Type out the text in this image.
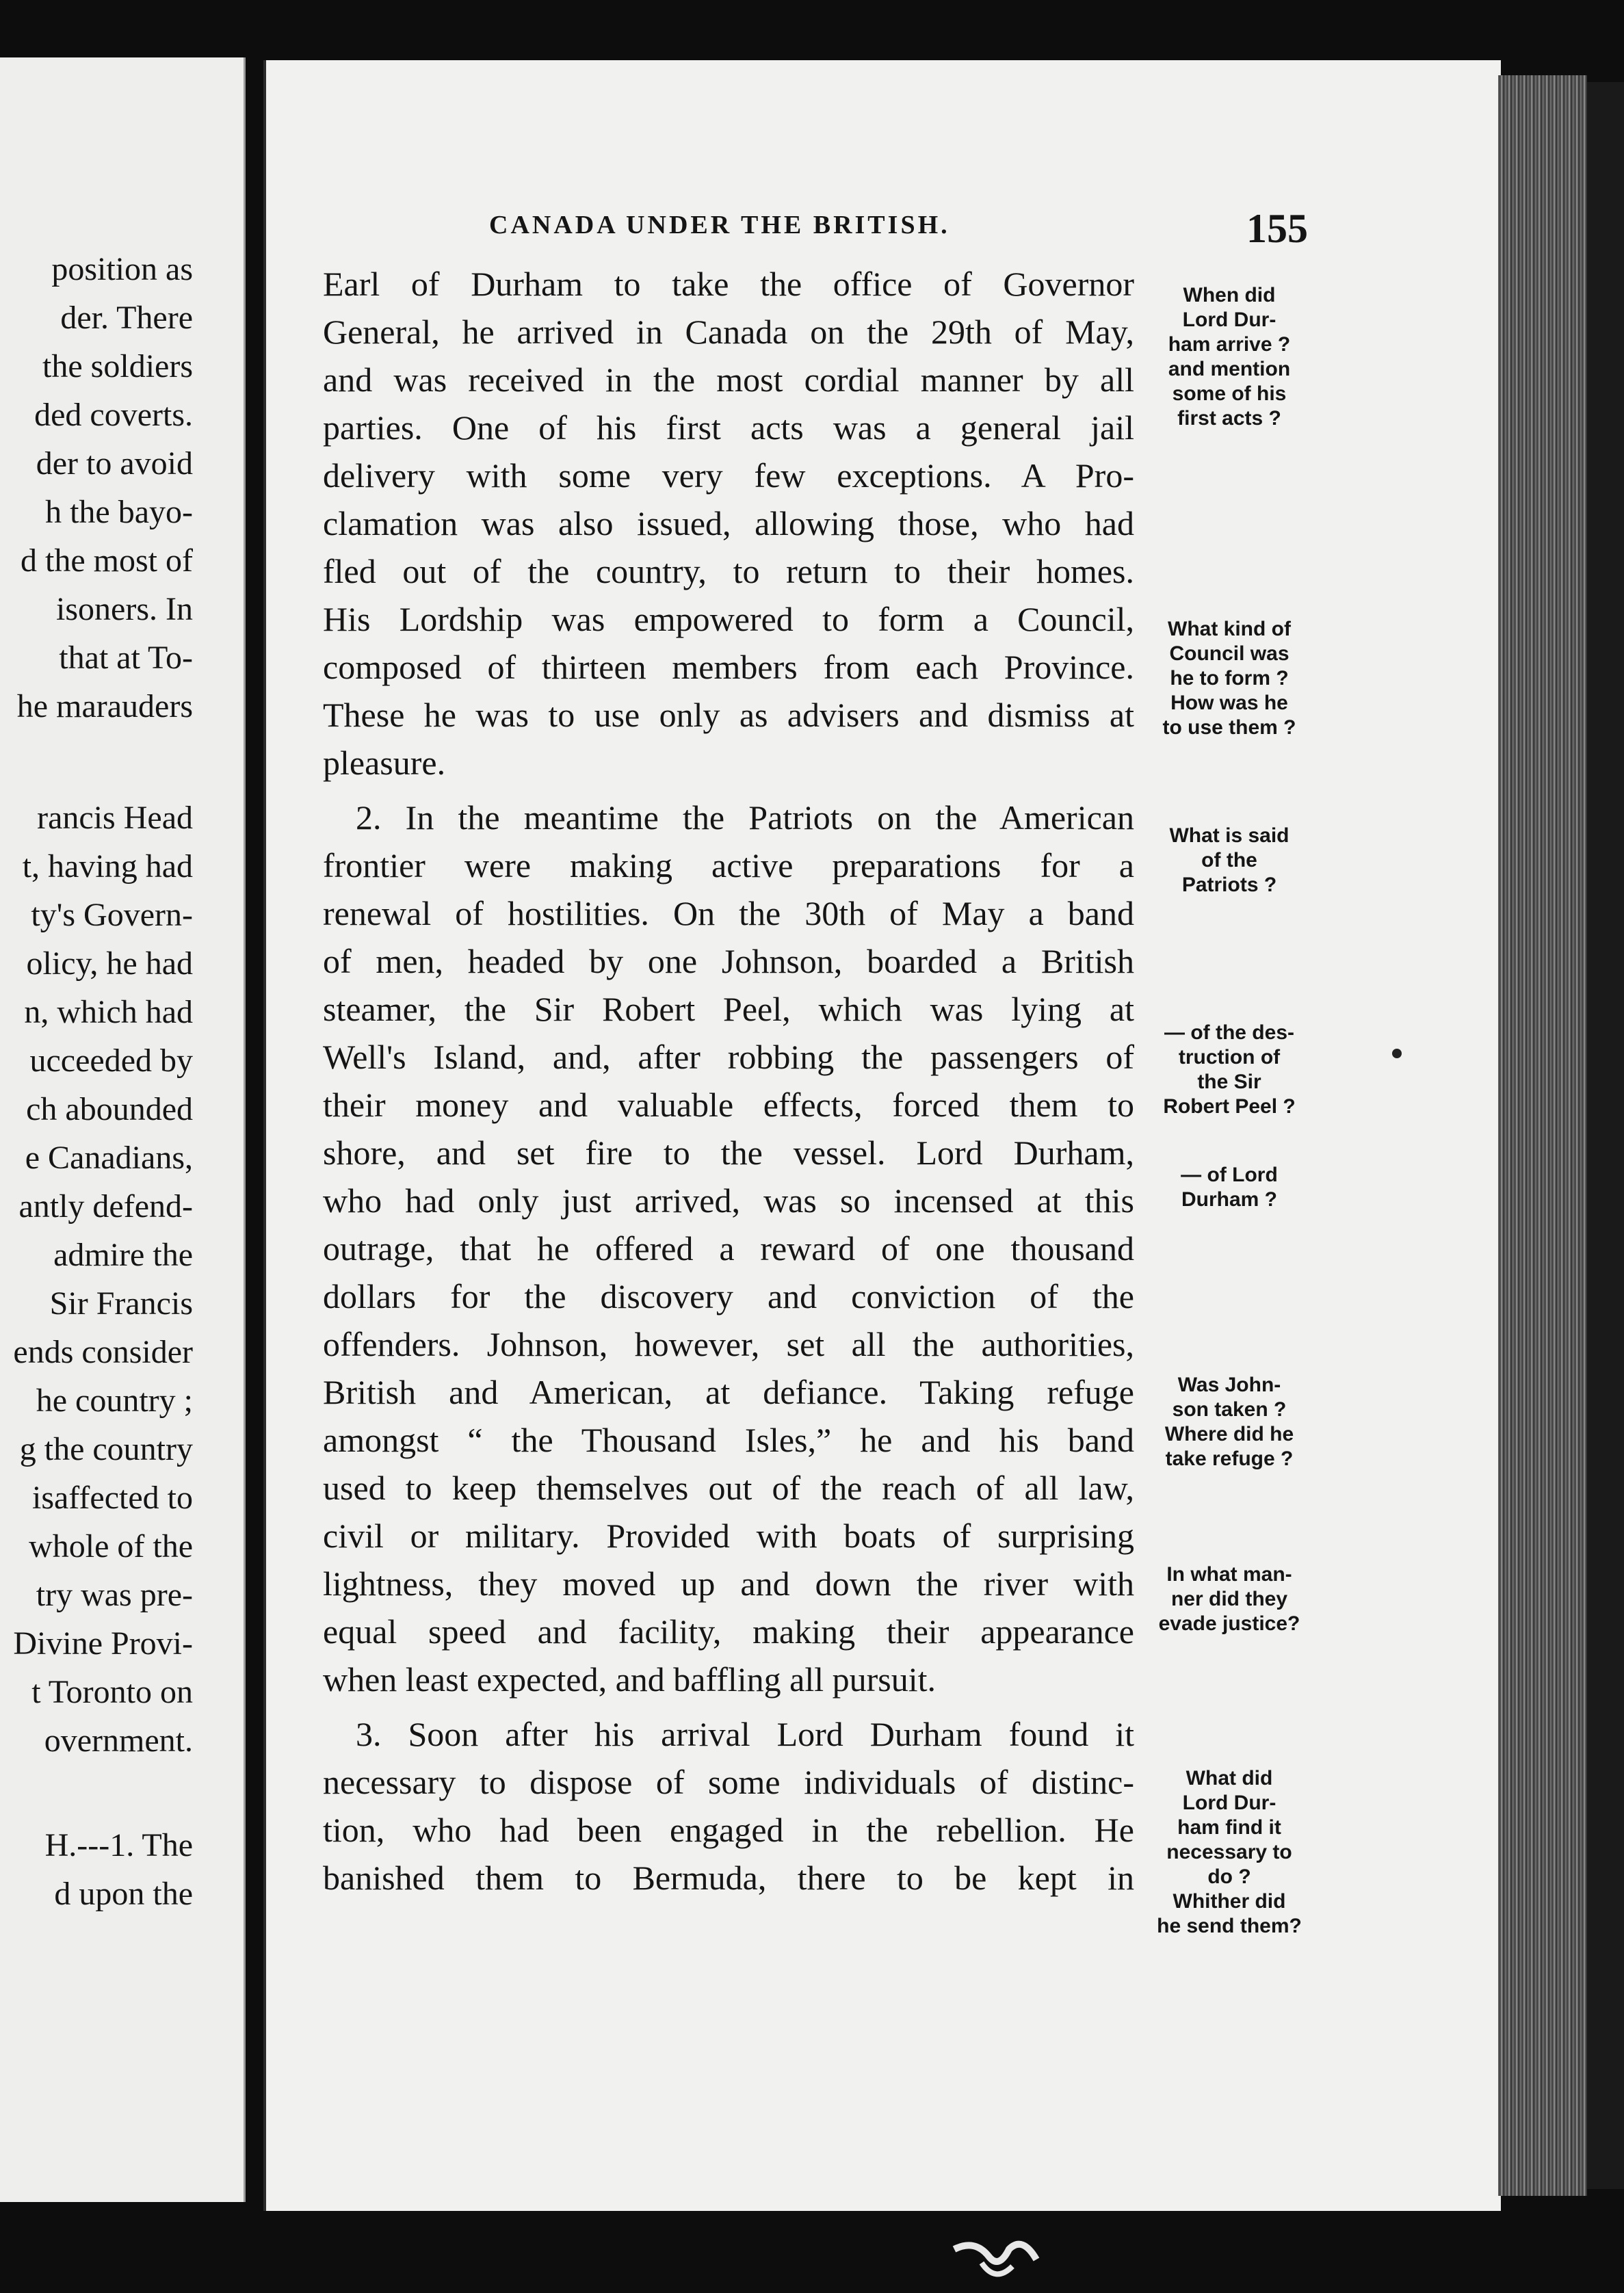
position as
der. There
the soldiers
ded coverts.
der to avoid
h the bayo-
d the most of
isoners. In
that at To-
he marauders
rancis Head
t, having had
ty's Govern-
olicy, he had
n, which had
ucceeded by
ch abounded
e Canadians,
antly defend-
admire the
Sir Francis
ends consider
he country ;
g the country
isaffected to
whole of the
try was pre-
Divine Provi-
t Toronto on
overnment.
H.---1. The
d upon the
CANADA UNDER THE BRITISH.	155
Earl of Durham to take the office of Governor
General, he arrived in Canada on the 29th of May,
and was received in the most cordial manner by all
parties. One of his first acts was a general jail
delivery with some very few exceptions. A Pro-
clamation was also issued, allowing those, who had
fled out of the country, to return to their homes.
His Lordship was empowered to form a Council,
composed of thirteen members from each Province.
These he was to use only as advisers and dismiss at
pleasure.
2. In the meantime the Patriots on the American
frontier were making active preparations for a
renewal of hostilities. On the 30th of May a band
of men, headed by one Johnson, boarded a British
steamer, the Sir Robert Peel, which was lying at
Well's Island, and, after robbing the passengers of
their money and valuable effects, forced them to
shore, and set fire to the vessel. Lord Durham,
who had only just arrived, was so incensed at this
outrage, that he offered a reward of one thousand
dollars for the discovery and conviction of the
offenders. Johnson, however, set all the authorities,
British and American, at defiance. Taking refuge
amongst “ the Thousand Isles,” he and his band
used to keep themselves out of the reach of all law,
civil or military. Provided with boats of surprising
lightness, they moved up and down the river with
equal speed and facility, making their appearance
when least expected, and baffling all pursuit.
3. Soon after his arrival Lord Durham found it
necessary to dispose of some individuals of distinc-
tion, who had been engaged in the rebellion. He
banished them to Bermuda, there to be kept in
When did
Lord Dur-
ham arrive ?
and mention
some of his
first acts ?
What kind of
Council was
he to form ?
How was he
to use them ?
What is said
of the
Patriots ?
— of the des-
truction of
the Sir
Robert Peel ?
— of Lord
Durham ?
Was John-
son taken ?
Where did he
take refuge ?
In what man-
ner did they
evade justice?
What did
Lord Dur-
ham find it
necessary to
do ?
Whither did
he send them?
